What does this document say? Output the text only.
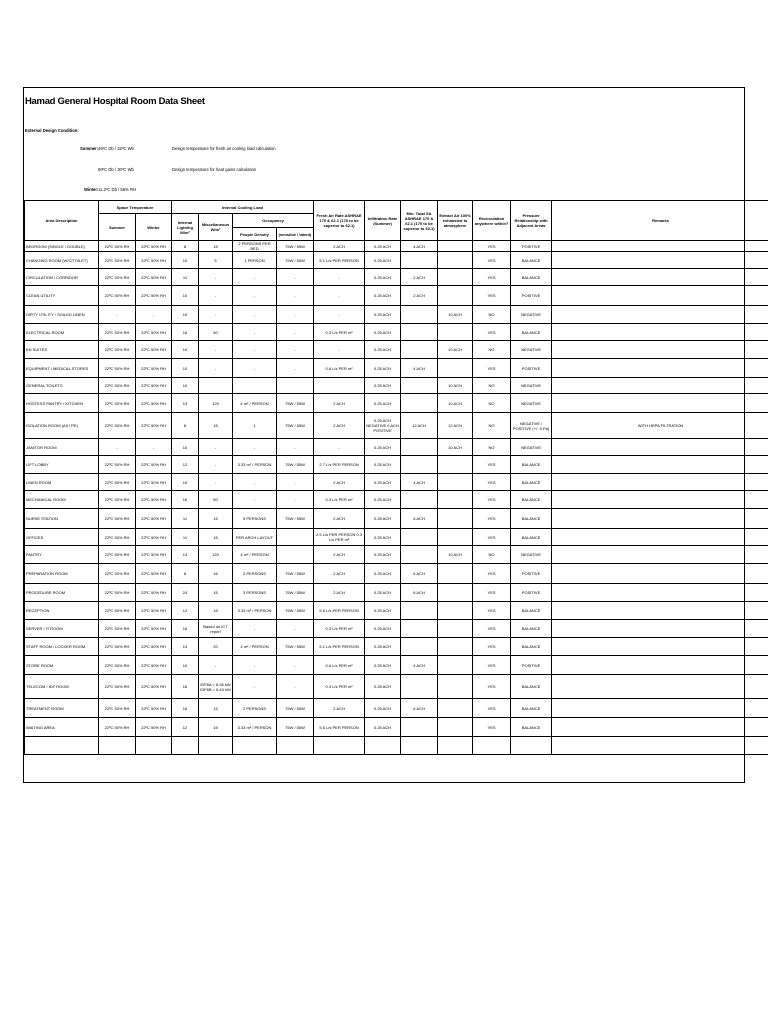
Hamad General Hospital Room Data Sheet
External Design Condition:
Summer: 46ºC Db / 32ºC Wb	Design temperature for fresh air cooling load calculation
50ºC Db / 30ºC Wb	Design temperature for heat gains calculation
Winter: 11.2ºC Db / 56% RH
Area Description	Space Temperature		Internal Cooling Load				Fresh Air Rate ASHRAE 170 & 62.1 (170 to be superior to 62.1)	Infiltration Rate (Summer)	Min. Total SA ASHRAE 170 & 62.1 (170 to be superior to 62.1)	Extract Air 100% exhausted to atmosphere	Recirculation anywhere within?	Pressure Relationship with Adjacent Areas	Remarks
	Summer	Winter	Internal Lighting W/m²	Miscellaneous W/m²	Occupancy								
					People Density	(sensible / latent)							
BEDROOM (SINGLE / DOUBLE)	22ºC 50% RH	22ºC 50% RH	8	15	2 PERSONS PER BED	75W / 55W	2 ACH	0.25 ACH	4 ACH		YES	POSITIVE	
CHANGING ROOM (W/C/TOILET)	22ºC 50% RH	22ºC 50% RH	10	5	1 PERSON	75W / 55W	5.1 L/s PER PERSON	0.25 ACH			YES	BALANCE	
CIRCULATION / CORRIDOR	22ºC 50% RH	22ºC 50% RH	11	-	-	-	-	0.25 ACH	2 ACH		YES	BALANCE	
CLEAN UTILITY	22ºC 50% RH	22ºC 50% RH	10	-	-	-	-	0.25 ACH	2 ACH		YES	POSITIVE	
DIRTY UTILITY / SOILED LINEN	-	-	10	-	-	-	-	0.25 ACH		10 ACH	NO	NEGATIVE	
ELECTRICAL ROOM	22ºC 50% RH	22ºC 50% RH	16	50	-	-	0.3 L/s PER m²	0.25 ACH			YES	BALANCE	
EN SUITES	22ºC 50% RH	22ºC 50% RH	10	-	-	-	-	0.25 ACH		10 ACH	NO	NEGATIVE	
EQUIPMENT / MEDICAL STORES	22ºC 50% RH	22ºC 50% RH	10	-	-	-	0.6 L/s PER m²	0.25 ACH	4 ACH		YES	POSITIVE	
GENERAL TOILETS	22ºC 50% RH	22ºC 50% RH	10					0.25 ACH		10 ACH	NO	NEGATIVE	
HOSTESS PANTRY / KITCHEN	22ºC 50% RH	22ºC 50% RH	13	120	4 m² / PERSON	75W / 55W	2 ACH	0.25 ACH		10 ACH	NO	NEGATIVE	
ISOLATION ROOM (AII / PE)	22ºC 50% RH	22ºC 50% RH	8	15	1	75W / 55W	2 ACH	0.25 ACH NEGATIVE 0 ACH POSITIVE	12 ACH	12 ACH	NO	NEGATIVE / POSITIVE (+/- 5 Pa)	WITH HEPA FILTRATION
JANITOR ROOM	-	-	10	-	-	-	-	0.25 ACH		10 ACH	NO	NEGATIVE	
LIFT LOBBY	22ºC 50% RH	22ºC 50% RH	12	-	3.33 m² / PERSON	75W / 55W	2.7 L/s PER PERSON	0.25 ACH			YES	BALANCE	
LINEN ROOM	22ºC 50% RH	22ºC 50% RH	10	-	-	-	2 ACH	0.25 ACH	4 ACH		YES	BALANCE	
MECHANICAL ROOM	22ºC 50% RH	22ºC 50% RH	16	50	-	-	0.3 L/s PER m²	0.25 ACH			YES	BALANCE	
NURSE STATION	22ºC 50% RH	22ºC 50% RH	11	15	5 PERSONS	75W / 55W	2 ACH	0.25 ACH	6 ACH		YES	BALANCE	
OFFICES	22ºC 50% RH	22ºC 50% RH	11	15	PER ARCH LAYOUT		2.5 L/s PER PERSON 0.3 L/s PER m²	0.25 ACH			YES	BALANCE	
PANTRY	22ºC 50% RH	22ºC 50% RH	13	120	4 m² / PERSON		2 ACH	0.25 ACH		10 ACH	NO	NEGATIVE	
PREPARATION ROOM	22ºC 50% RH	22ºC 50% RH	8	16	2 PERSONS	75W / 55W	2 ACH	0.25 ACH	6 ACH		YES	POSITIVE	
PROCEDURE ROOM	22ºC 50% RH	22ºC 50% RH	24	15	3 PERSONS	75W / 55W	2 ACH	0.25 ACH	6 ACH		YES	POSITIVE	
RECEPTION	22ºC 50% RH	22ºC 50% RH	12	15	3.33 m² / PERSON	75W / 55W	5.5 L/s PER PERSON	0.25 ACH			YES	BALANCE	
SERVER / IT ROOM	22ºC 50% RH	22ºC 50% RH	16	Based on ICT report	-	-	0.3 L/s PER m²	0.25 ACH			YES	BALANCE	
STAFF ROOM / LOCKER ROOM	22ºC 50% RH	22ºC 50% RH	13	20	4 m² / PERSON	75W / 55W	5.1 L/s PER PERSON	0.25 ACH			YES	BALANCE	
STORE ROOM	22ºC 50% RH	22ºC 50% RH	10	-	-	-	0.6 L/s PER m²	0.25 ACH	4 ACH		YES	POSITIVE	
TELECOM / IDF ROOM	22ºC 50% RH	22ºC 50% RH	16	IDF6A = 8.26 kW IDF6B = 6.43 kW	-	-	0.3 L/s PER m²	0.25 ACH			YES	BALANCE	
TREATMENT ROOM	22ºC 50% RH	22ºC 50% RH	16	15	2 PERSONS	75W / 55W	2 ACH	0.25 ACH	6 ACH		YES	BALANCE	
WAITING AREA	22ºC 50% RH	22ºC 50% RH	12	15	3.33 m² / PERSON	75W / 55W	5.5 L/s PER PERSON	0.25 ACH			YES	BALANCE	
